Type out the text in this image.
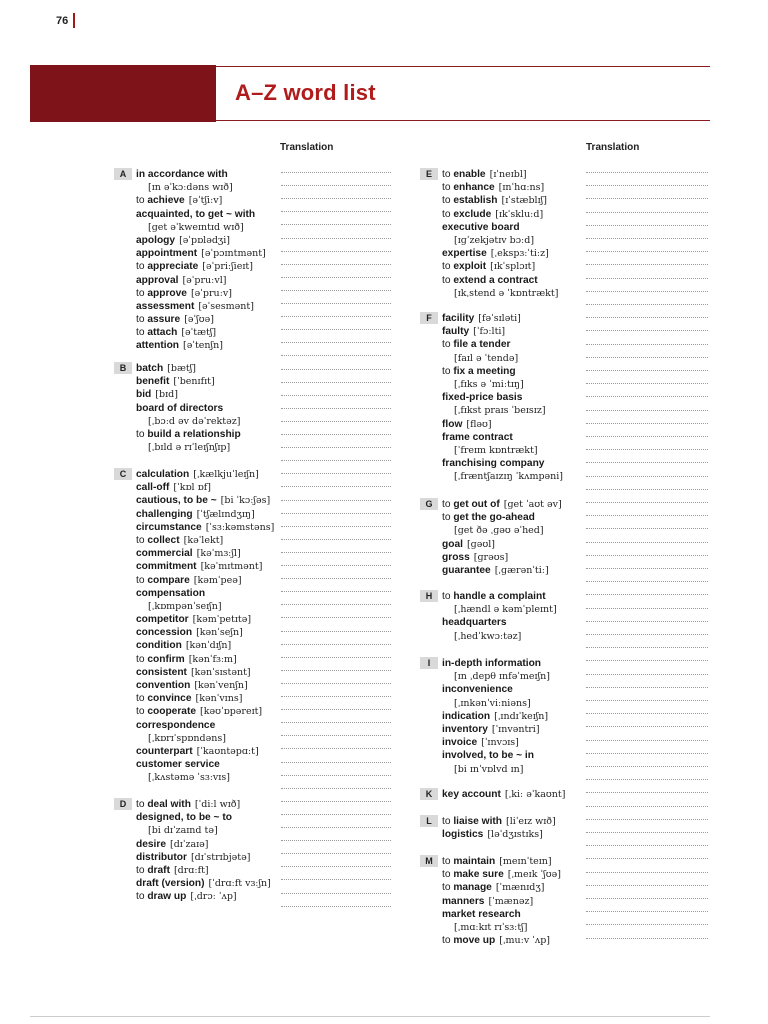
76
A–Z word list
Translation	Translation
A in accordance with
[ɪn əˈkɔːdəns wɪð]
to achieve [əˈtʃiːv]
acquainted, to get ~ with
[get əˈkweɪntɪd wɪð]
apology [əˈpɒlədʒi]
appointment [əˈpɔɪntmənt]
to appreciate [əˈpriːʃieɪt]
approval [əˈpruːvl]
to approve [əˈpruːv]
assessment [əˈsesmənt]
to assure [əˈʃʊə]
to attach [əˈtætʃ]
attention [əˈtenʃn]
B batch [bætʃ]
benefit [ˈbenɪfɪt]
bid [bɪd]
board of directors
[ˌbɔːd əv dəˈrektəz]
to build a relationship
[ˌbɪld ə rɪˈleɪʃnʃɪp]
C calculation [ˌkælkjuˈleɪʃn]
call-off [ˈkɒl ɒf]
cautious, to be ~ [bi ˈkɔːʃəs]
challenging [ˈtʃælɪndʒɪŋ]
circumstance [ˈsɜːkəmstəns]
to collect [kəˈlekt]
commercial [kəˈmɜːʃl]
commitment [kəˈmɪtmənt]
to compare [kəmˈpeə]
compensation
[ˌkɒmpənˈseɪʃn]
competitor [kəmˈpetɪtə]
concession [kənˈseʃn]
condition [kənˈdɪʃn]
to confirm [kənˈfɜːm]
consistent [kənˈsɪstənt]
convention [kənˈvenʃn]
to convince [kənˈvɪns]
to cooperate [kəʊˈɒpəreɪt]
correspondence
[ˌkɒrɪˈspɒndəns]
counterpart [ˈkaʊntəpɑːt]
customer service
[ˌkʌstəmə ˈsɜːvɪs]
D to deal with [ˈdiːl wɪð]
designed, to be ~ to
[bi dɪˈzaɪnd tə]
desire [dɪˈzaɪə]
distributor [dɪˈstrɪbjətə]
to draft [drɑːft]
draft (version) [ˈdrɑːft vɜːʃn]
to draw up [ˌdrɔː ˈʌp]
E to enable [ɪˈneɪbl]
to enhance [ɪnˈhɑːns]
to establish [ɪˈstæblɪʃ]
to exclude [ɪkˈskluːd]
executive board
[ɪɡˈzekjətɪv bɔːd]
expertise [ˌekspɜːˈtiːz]
to exploit [ɪkˈsplɔɪt]
to extend a contract
[ɪkˌstend ə ˈkɒntrækt]
F	facility [fəˈsɪləti]
faulty [ˈfɔːlti]
to file a tender
[faɪl ə ˈtendə]
to fix a meeting
[ˌfɪks ə ˈmiːtɪŋ]
fixed-price basis
[ˌfɪkst praɪs ˈbeɪsɪz]
flow [fləʊ]
frame contract
[ˈfreɪm kɒntrækt]
franchising company
[ˌfræntʃaɪzɪŋ ˈkʌmpəni]
G to get out of [get ˈaʊt əv]
to get the go-ahead
[get ðə ˌɡəʊ əˈhed]
goal [ɡəʊl]
gross [ɡrəʊs]
guarantee [ˌɡærənˈtiː]
H to handle a complaint
[ˌhændl ə kəmˈpleɪnt]
headquarters
[ˌhedˈkwɔːtəz]
I	in-depth information
[ɪn ˌdepθ ɪnfəˈmeɪʃn]
inconvenience
[ˌɪnkənˈviːniəns]
indication [ˌɪndɪˈkeɪʃn]
inventory [ˈɪnvəntri]
invoice [ˈɪnvɔɪs]
involved, to be ~ in
[bi ɪnˈvɒlvd ɪn]
K key account [ˌkiː əˈkaʊnt]
L	to liaise with [liˈeɪz wɪð]
logistics [ləˈdʒɪstɪks]
M to maintain [meɪnˈteɪn]
to make sure [ˌmeɪk ˈʃʊə]
to manage [ˈmænɪdʒ]
manners [ˈmænəz]
market research
[ˌmɑːkɪt rɪˈsɜːtʃ]
to move up [ˌmuːv ˈʌp]
